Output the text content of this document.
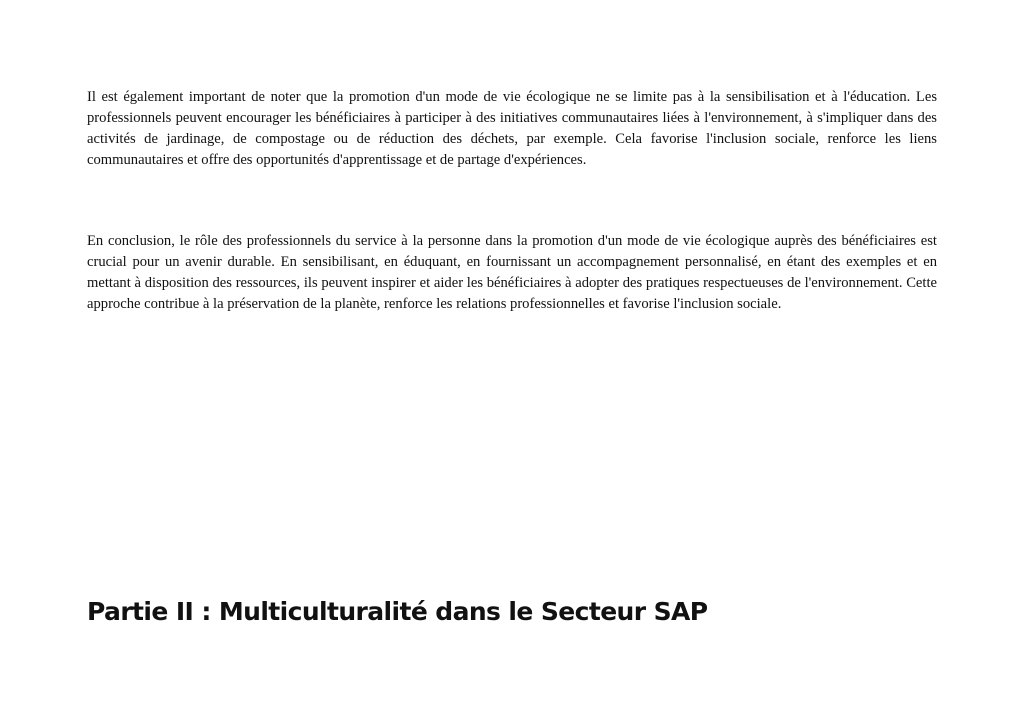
Il est également important de noter que la promotion d'un mode de vie écologique ne se limite pas à la sensibilisation et à l'éducation. Les professionnels peuvent encourager les bénéficiaires à participer à des initiatives communautaires liées à l'environnement, à s'impliquer dans des activités de jardinage, de compostage ou de réduction des déchets, par exemple. Cela favorise l'inclusion sociale, renforce les liens communautaires et offre des opportunités d'apprentissage et de partage d'expériences.

En conclusion, le rôle des professionnels du service à la personne dans la promotion d'un mode de vie écologique auprès des bénéficiaires est crucial pour un avenir durable. En sensibilisant, en éduquant, en fournissant un accompagnement personnalisé, en étant des exemples et en mettant à disposition des ressources, ils peuvent inspirer et aider les bénéficiaires à adopter des pratiques respectueuses de l'environnement. Cette approche contribue à la préservation de la planète, renforce les relations professionnelles et favorise l'inclusion sociale.

Partie II : Multiculturalité dans le Secteur SAP
